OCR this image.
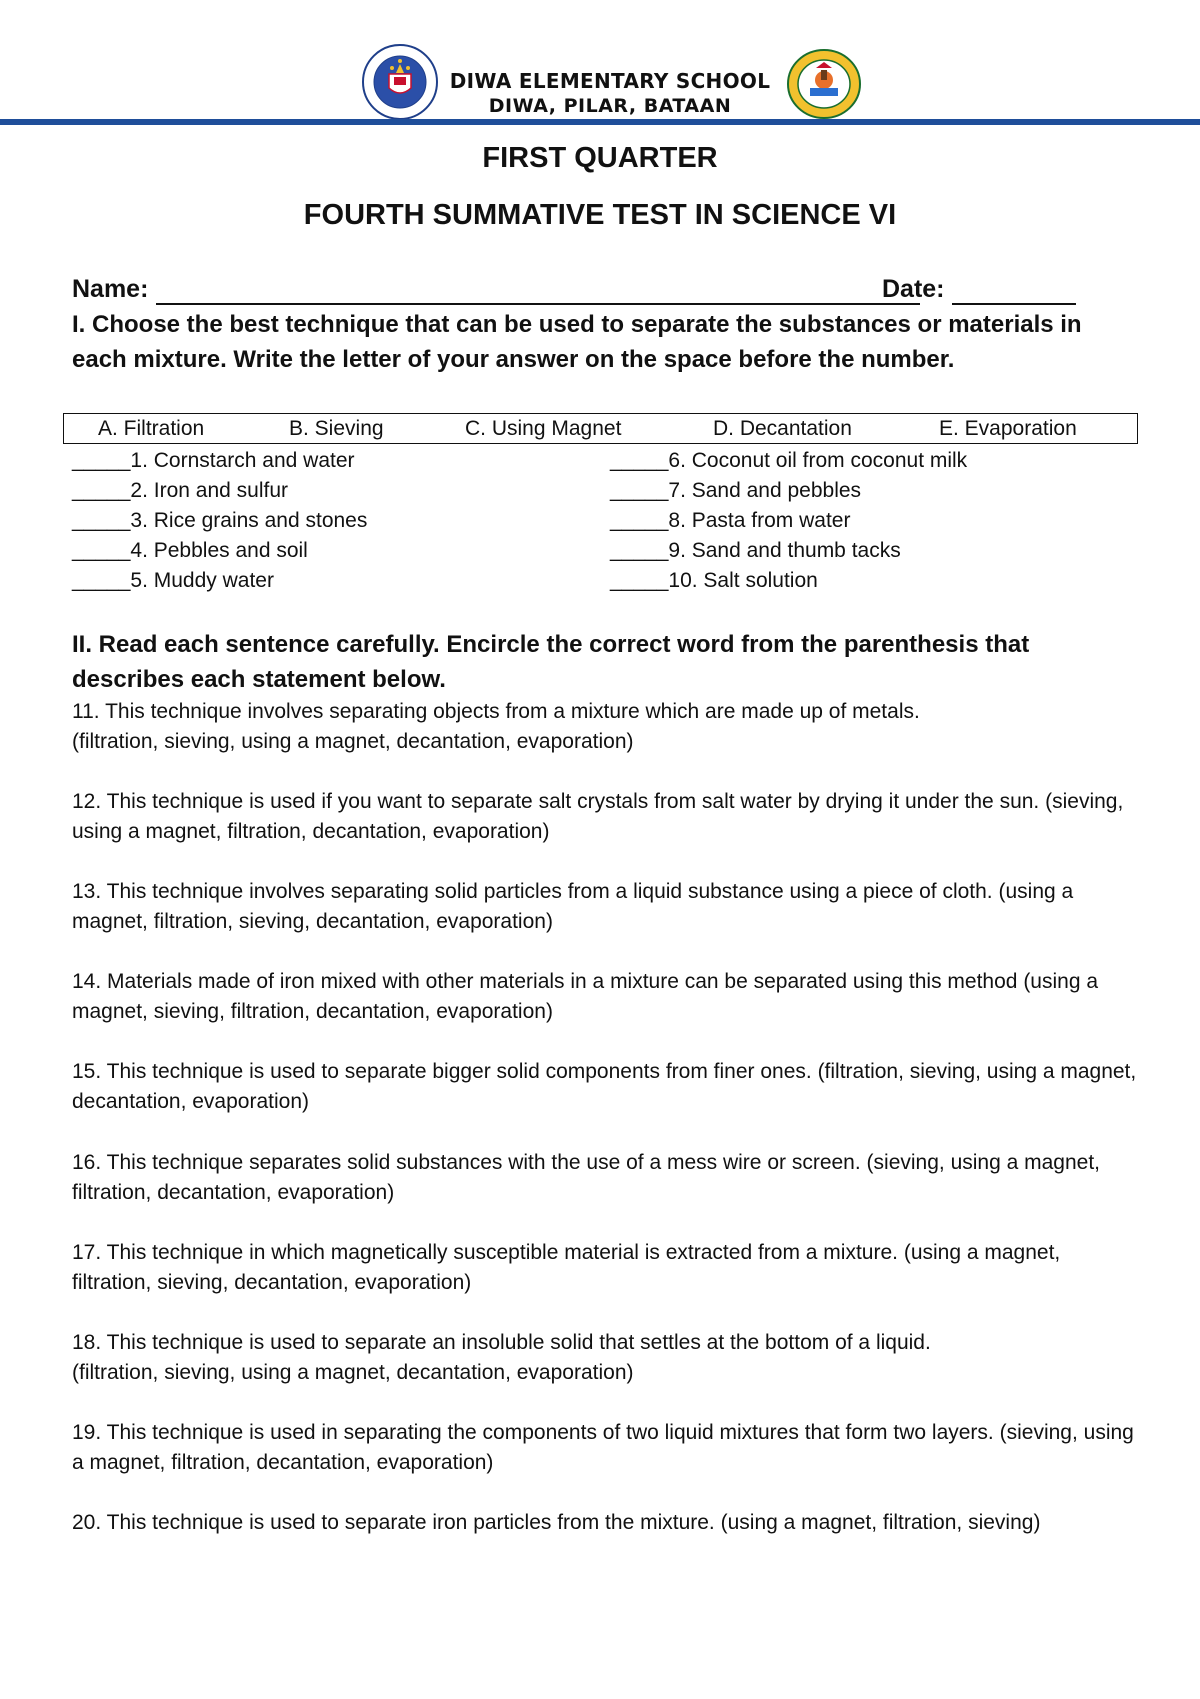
DIWA ELEMENTARY SCHOOL
DIWA, PILAR, BATAAN
FIRST QUARTER
FOURTH SUMMATIVE TEST IN SCIENCE VI
Name:	Date:

I. Choose the best technique that can be used to separate the substances or materials in each mixture. Write the letter of your answer on the space before the number.

A. Filtration	B. Sieving	C. Using Magnet	D. Decantation	E. Evaporation
_____1. Cornstarch and water	_____6. Coconut oil from coconut milk
_____2. Iron and sulfur	_____7. Sand and pebbles
_____3. Rice grains and stones	_____8. Pasta from water
_____4. Pebbles and soil	_____9. Sand and thumb tacks
_____5. Muddy water	_____10. Salt solution

II. Read each sentence carefully. Encircle the correct word from the parenthesis that describes each statement below.

11. This technique involves separating objects from a mixture which are made up of metals.
(filtration, sieving, using a magnet, decantation, evaporation)

12. This technique is used if you want to separate salt crystals from salt water by drying it under the sun. (sieving, using a magnet, filtration, decantation, evaporation)

13. This technique involves separating solid particles from a liquid substance using a piece of cloth. (using a magnet, filtration, sieving, decantation, evaporation)

14. Materials made of iron mixed with other materials in a mixture can be separated using this method (using a magnet, sieving, filtration, decantation, evaporation)

15. This technique is used to separate bigger solid components from finer ones. (filtration, sieving, using a magnet, decantation, evaporation)

16. This technique separates solid substances with the use of a mess wire or screen. (sieving, using a magnet, filtration, decantation, evaporation)

17. This technique in which magnetically susceptible material is extracted from a mixture. (using a magnet, filtration, sieving, decantation, evaporation)

18. This technique is used to separate an insoluble solid that settles at the bottom of a liquid.
(filtration, sieving, using a magnet, decantation, evaporation)

19. This technique is used in separating the components of two liquid mixtures that form two layers. (sieving, using a magnet, filtration, decantation, evaporation)

20. This technique is used to separate iron particles from the mixture. (using a magnet, filtration, sieving)
